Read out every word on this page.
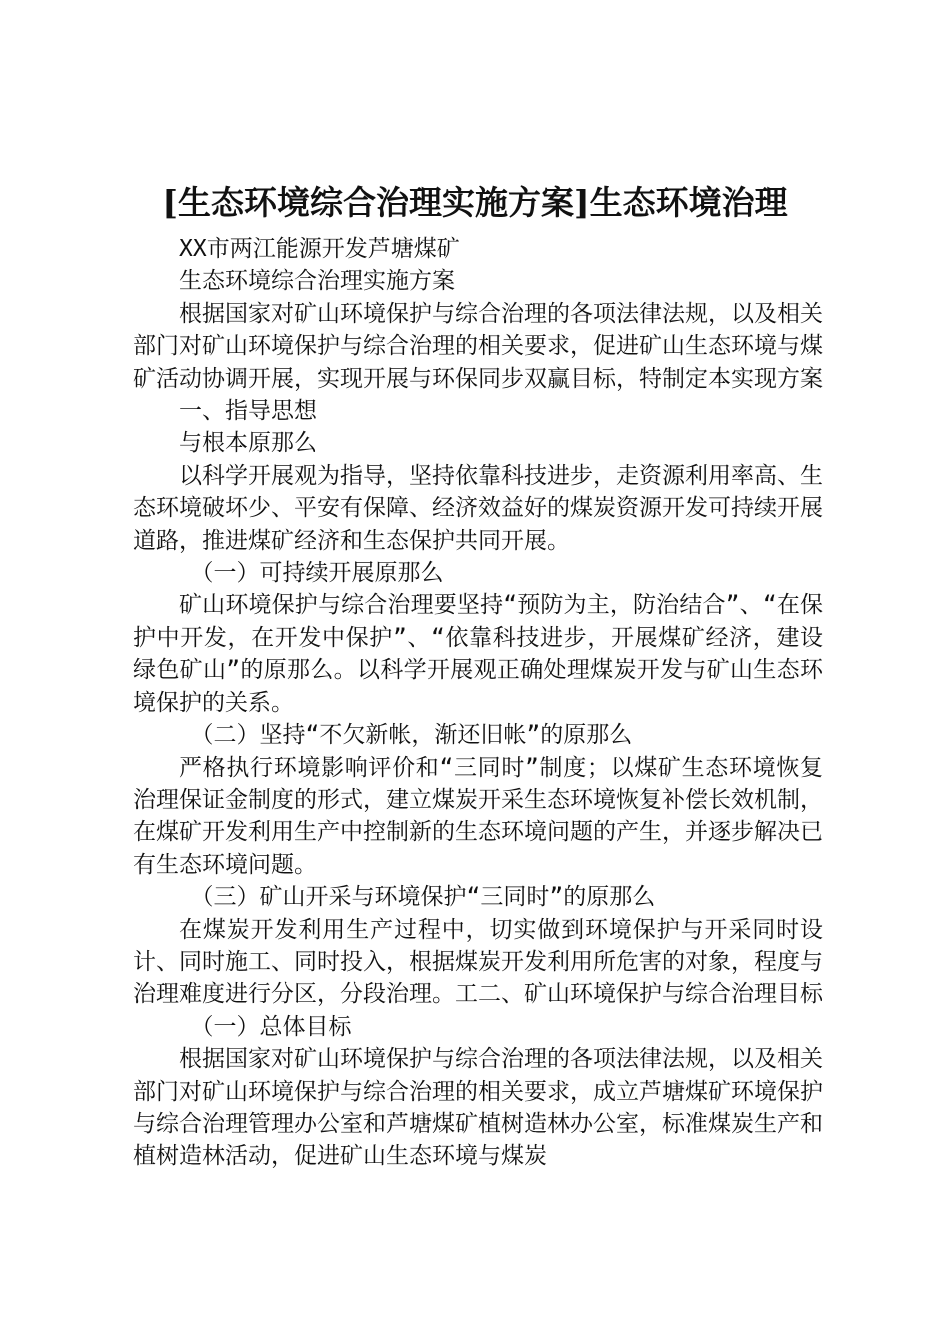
[生态环境综合治理实施方案]生态环境治理

XX市两江能源开发芦塘煤矿

生态环境综合治理实施方案

根据国家对矿山环境保护与综合治理的各项法律法规，以及相关部门对矿山环境保护与综合治理的相关要求，促进矿山生态环境与煤矿活动协调开展，实现开展与环保同步双赢目标，特制定本实现方案

一、指导思想

与根本原那么

以科学开展观为指导，坚持依靠科技进步，走资源利用率高、生态环境破坏少、平安有保障、经济效益好的煤炭资源开发可持续开展道路，推进煤矿经济和生态保护共同开展。

（一）可持续开展原那么

矿山环境保护与综合治理要坚持“预防为主，防治结合”、“在保护中开发，在开发中保护”、“依靠科技进步，开展煤矿经济，建设绿色矿山”的原那么。以科学开展观正确处理煤炭开发与矿山生态环境保护的关系。

（二）坚持“不欠新帐，渐还旧帐”的原那么

严格执行环境影响评价和“三同时”制度；以煤矿生态环境恢复治理保证金制度的形式，建立煤炭开采生态环境恢复补偿长效机制，在煤矿开发利用生产中控制新的生态环境问题的产生，并逐步解决已有生态环境问题。

（三）矿山开采与环境保护“三同时”的原那么

在煤炭开发利用生产过程中，切实做到环境保护与开采同时设计、同时施工、同时投入，根据煤炭开发利用所危害的对象，程度与治理难度进行分区，分段治理。工二、矿山环境保护与综合治理目标

（一）总体目标

根据国家对矿山环境保护与综合治理的各项法律法规，以及相关部门对矿山环境保护与综合治理的相关要求，成立芦塘煤矿环境保护与综合治理管理办公室和芦塘煤矿植树造林办公室，标准煤炭生产和植树造林活动，促进矿山生态环境与煤炭
